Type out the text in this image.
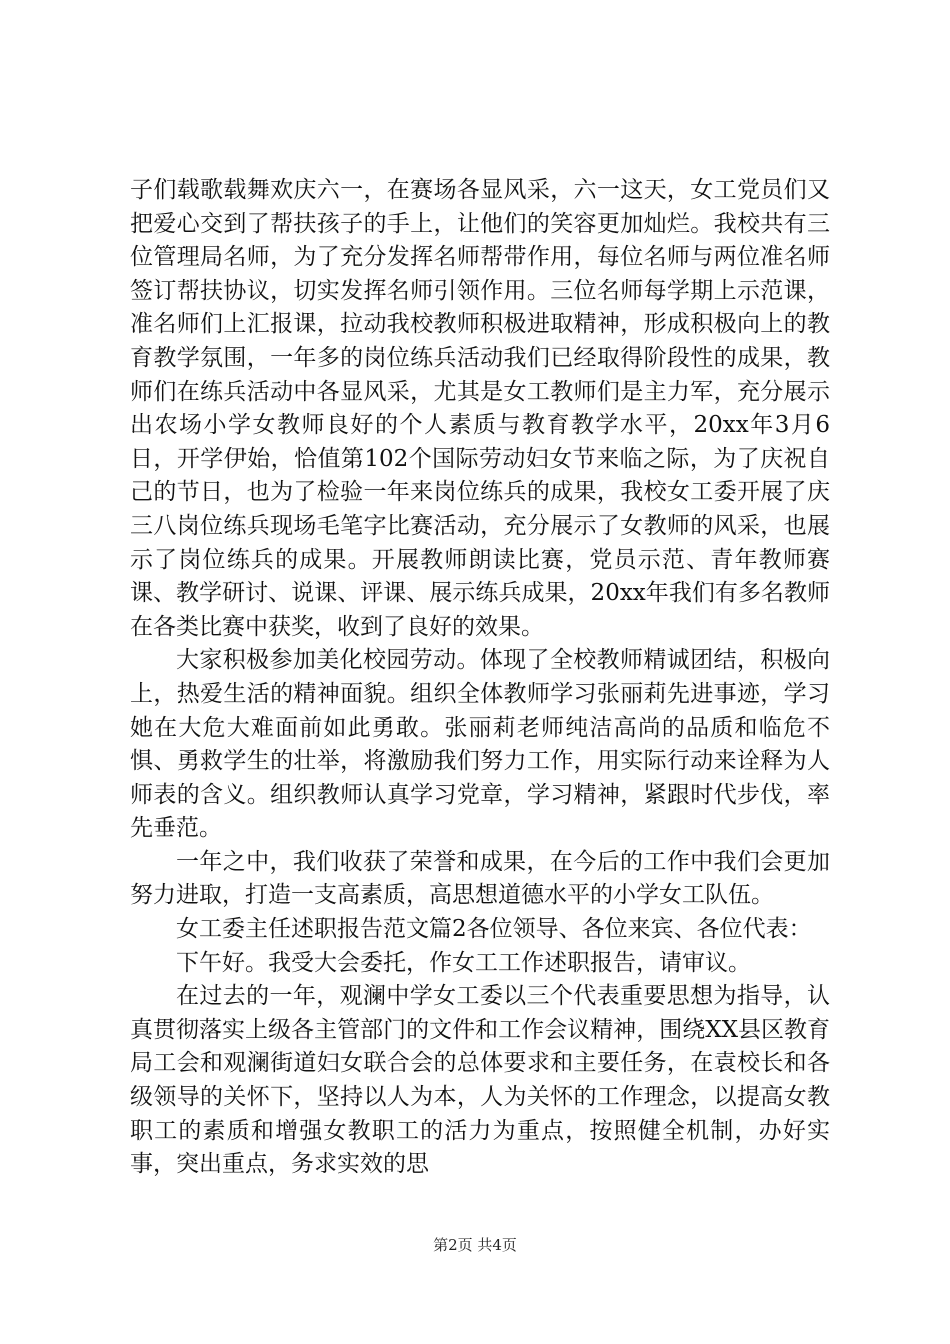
子们载歌载舞欢庆六一，在赛场各显风采，六一这天，女工党员们又把爱心交到了帮扶孩子的手上，让他们的笑容更加灿烂。我校共有三位管理局名师，为了充分发挥名师帮带作用，每位名师与两位准名师签订帮扶协议，切实发挥名师引领作用。三位名师每学期上示范课，准名师们上汇报课，拉动我校教师积极进取精神，形成积极向上的教育教学氛围，一年多的岗位练兵活动我们已经取得阶段性的成果，教师们在练兵活动中各显风采，尤其是女工教师们是主力军，充分展示出农场小学女教师良好的个人素质与教育教学水平，20xx年3月6日，开学伊始，恰值第102个国际劳动妇女节来临之际，为了庆祝自己的节日，也为了检验一年来岗位练兵的成果，我校女工委开展了庆三八岗位练兵现场毛笔字比赛活动，充分展示了女教师的风采，也展示了岗位练兵的成果。开展教师朗读比赛，党员示范、青年教师赛课、教学研讨、说课、评课、展示练兵成果，20xx年我们有多名教师在各类比赛中获奖，收到了良好的效果。

大家积极参加美化校园劳动。体现了全校教师精诚团结，积极向上，热爱生活的精神面貌。组织全体教师学习张丽莉先进事迹，学习她在大危大难面前如此勇敢。张丽莉老师纯洁高尚的品质和临危不惧、勇救学生的壮举，将激励我们努力工作，用实际行动来诠释为人师表的含义。组织教师认真学习党章，学习精神，紧跟时代步伐，率先垂范。

一年之中，我们收获了荣誉和成果，在今后的工作中我们会更加努力进取，打造一支高素质，高思想道德水平的小学女工队伍。

女工委主任述职报告范文篇2各位领导、各位来宾、各位代表：

下午好。我受大会委托，作女工工作述职报告，请审议。

在过去的一年，观澜中学女工委以三个代表重要思想为指导，认真贯彻落实上级各主管部门的文件和工作会议精神，围绕XX县区教育局工会和观澜街道妇女联合会的总体要求和主要任务，在袁校长和各级领导的关怀下，坚持以人为本，人为关怀的工作理念，以提高女教职工的素质和增强女教职工的活力为重点，按照健全机制，办好实事，突出重点，务求实效的思

第2页 共4页
